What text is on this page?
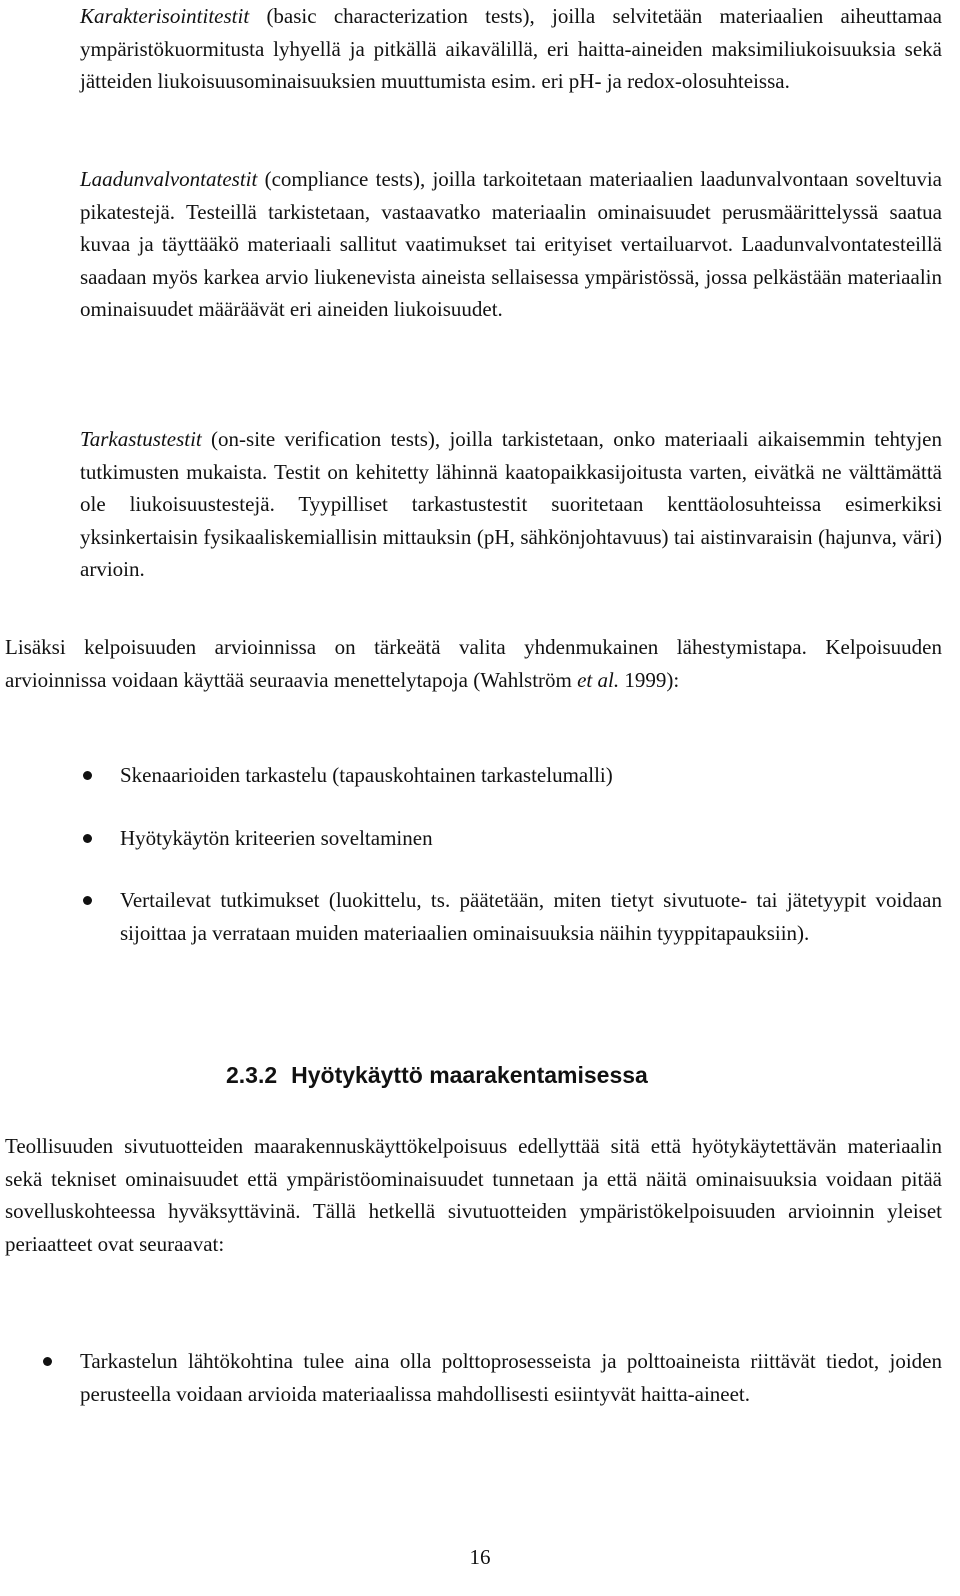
Karakterisointitestit (basic characterization tests), joilla selvitetään materiaalien aiheuttamaa ympäristökuormitusta lyhyellä ja pitkällä aikavälillä, eri haitta-aineiden maksimiliukoisuuksia sekä jätteiden liukoisuusominaisuuksien muuttumista esim. eri pH- ja redox-olosuhteissa.

Laadunvalvontatestit (compliance tests), joilla tarkoitetaan materiaalien laadunvalvontaan soveltuvia pikatestejä. Testeillä tarkistetaan, vastaavatko materiaalin ominaisuudet perusmäärittelyssä saatua kuvaa ja täyttääkö materiaali sallitut vaatimukset tai erityiset vertailuarvot. Laadunvalvontatesteillä saadaan myös karkea arvio liukenevista aineista sellaisessa ympäristössä, jossa pelkästään materiaalin ominaisuudet määräävät eri aineiden liukoisuudet.

Tarkastustestit (on-site verification tests), joilla tarkistetaan, onko materiaali aikaisemmin tehtyjen tutkimusten mukaista. Testit on kehitetty lähinnä kaatopaikkasijoitusta varten, eivätkä ne välttämättä ole liukoisuustestejä. Tyypilliset tarkastustestit suoritetaan kenttäolosuhteissa esimerkiksi yksinkertaisin fysikaaliskemiallisin mittauksin (pH, sähkönjohtavuus) tai aistinvaraisin (hajunva, väri) arvioin.

Lisäksi kelpoisuuden arvioinnissa on tärkeätä valita yhdenmukainen lähestymistapa. Kelpoisuuden arvioinnissa voidaan käyttää seuraavia menettelytapoja (Wahlström et al. 1999):

Skenaarioiden tarkastelu (tapauskohtainen tarkastelumalli)
Hyötykäytön kriteerien soveltaminen
Vertailevat tutkimukset (luokittelu, ts. päätetään, miten tietyt sivutuote- tai jätetyypit voidaan sijoittaa ja verrataan muiden materiaalien ominaisuuksia näihin tyyppitapauksiin).
2.3.2 Hyötykäyttö maarakentamisessa

Teollisuuden sivutuotteiden maarakennuskäyttökelpoisuus edellyttää sitä että hyötykäytettävän materiaalin sekä tekniset ominaisuudet että ympäristöominaisuudet tunnetaan ja että näitä ominaisuuksia voidaan pitää sovelluskohteessa hyväksyttävinä. Tällä hetkellä sivutuotteiden ympäristökelpoisuuden arvioinnin yleiset periaatteet ovat seuraavat:

Tarkastelun lähtökohtina tulee aina olla polttoprosesseista ja polttoaineista riittävät tiedot, joiden perusteella voidaan arvioida materiaalissa mahdollisesti esiintyvät haitta-aineet.
16
